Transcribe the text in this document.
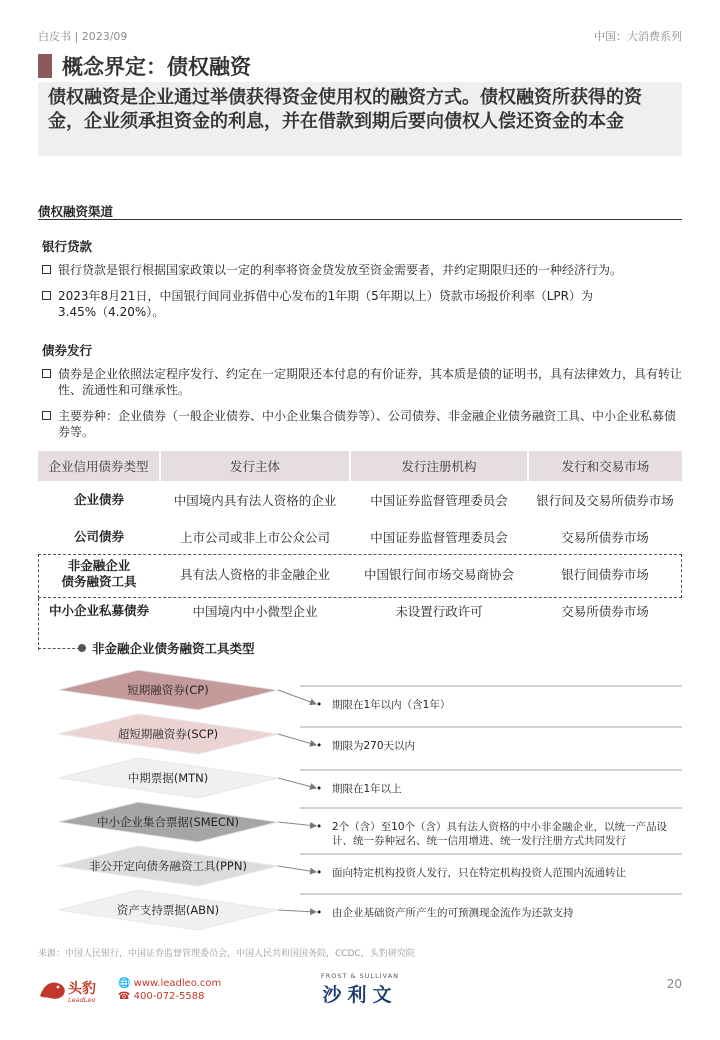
白皮书 | 2023/09	中国：大消费系列
概念界定：债权融资
债权融资是企业通过举债获得资金使用权的融资方式。债权融资所获得的资金，企业须承担资金的利息，并在借款到期后要向债权人偿还资金的本金
债权融资渠道
银行贷款
银行贷款是银行根据国家政策以一定的利率将资金贷发放至资金需要者，并约定期限归还的一种经济行为。
2023年8月21日，中国银行间同业拆借中心发布的1年期（5年期以上）贷款市场报价利率（LPR）为3.45%（4.20%）。
债券发行
债券是企业依照法定程序发行、约定在一定期限还本付息的有价证券，其本质是债的证明书，具有法律效力，具有转让性、流通性和可继承性。
主要券种：企业债券（一般企业债券、中小企业集合债券等）、公司债券、非金融企业债务融资工具、中小企业私募债券等。
企业信用债券类型	发行主体	发行注册机构	发行和交易市场
企业债券	中国境内具有法人资格的企业	中国证券监督管理委员会	银行间及交易所债券市场
公司债券	上市公司或非上市公众公司	中国证券监督管理委员会	交易所债券市场
非金融企业
债务融资工具	具有法人资格的非金融企业	中国银行间市场交易商协会	银行间债券市场
中小企业私募债券	中国境内中小微型企业	未设置行政许可	交易所债券市场
非金融企业债务融资工具类型
短期融资券(CP)
• 期限在1年以内（含1年）
超短期融资券(SCP)
• 期限为270天以内
中期票据(MTN)
• 期限在1年以上
中小企业集合票据(SMECN)	• 2个（含）至10个（含）具有法人资格的中小非金融企业，以统一产品设计、统一券种冠名、统一信用增进、统一发行注册方式共同发行
非公开定向债务融资工具(PPN)	• 面向特定机构投资人发行，只在特定机构投资人范围内流通转让
资产支持票据(ABN)	• 由企业基础资产所产生的可预测现金流作为还款支持
来源：中国人民银行，中国证券监督管理委员会，中国人民共和国国务院，CCDC，头豹研究院
头豹
LeadLeo
🌐 www.leadleo.com
☎ 400-072-5588
FROST & SULLIVAN
沙利文	20
